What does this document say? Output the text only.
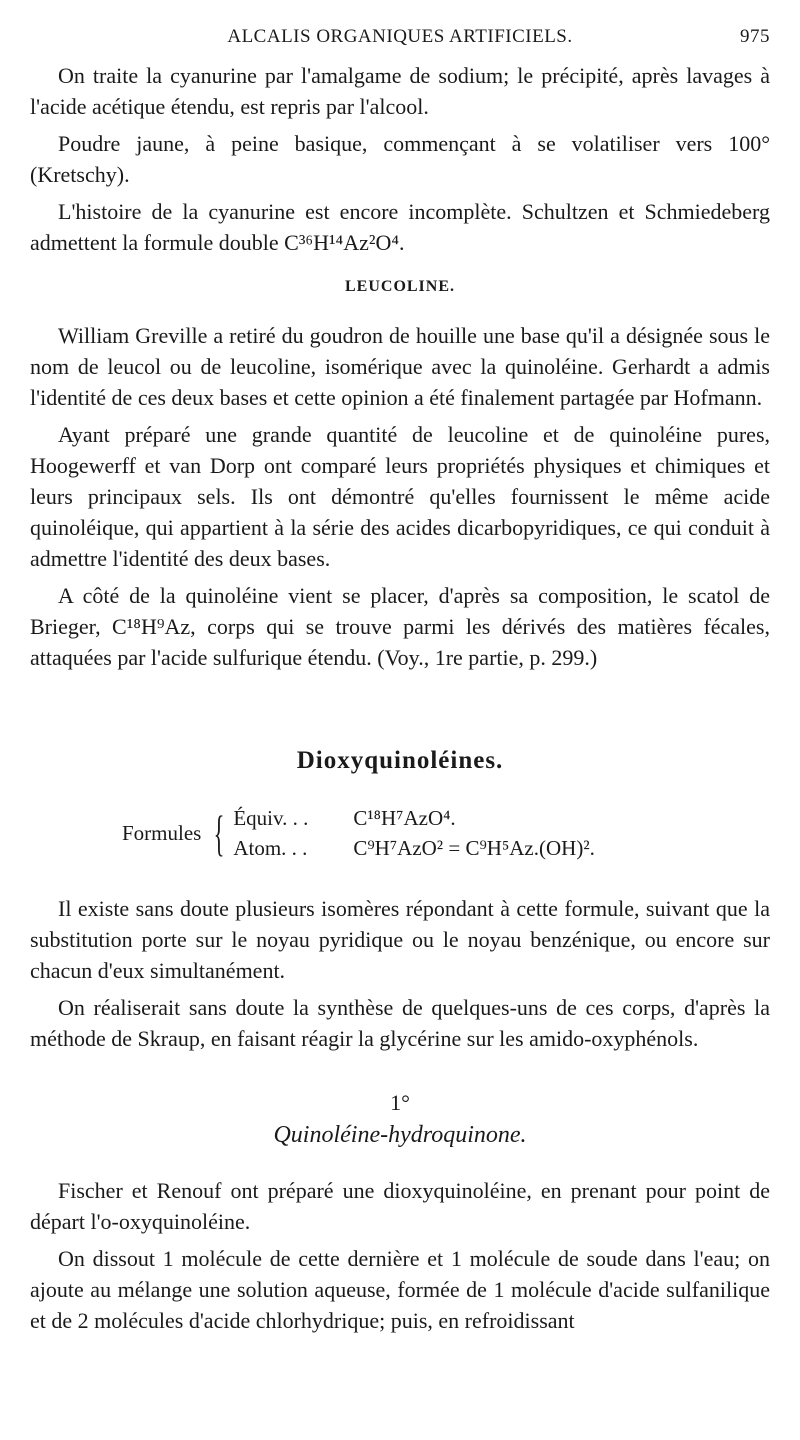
ALCALIS ORGANIQUES ARTIFICIELS.	975

On traite la cyanurine par l'amalgame de sodium; le précipité, après lavages à l'acide acétique étendu, est repris par l'alcool.

Poudre jaune, à peine basique, commençant à se volatiliser vers 100° (Kretschy).

L'histoire de la cyanurine est encore incomplète. Schultzen et Schmiedeberg admettent la formule double C³⁶H¹⁴Az²O⁴.

LEUCOLINE.

William Greville a retiré du goudron de houille une base qu'il a désignée sous le nom de leucol ou de leucoline, isomérique avec la quinoléine. Gerhardt a admis l'identité de ces deux bases et cette opinion a été finalement partagée par Hofmann.

Ayant préparé une grande quantité de leucoline et de quinoléine pures, Hoogewerff et van Dorp ont comparé leurs propriétés physiques et chimiques et leurs principaux sels. Ils ont démontré qu'elles fournissent le même acide quinoléique, qui appartient à la série des acides dicarbopyridiques, ce qui conduit à admettre l'identité des deux bases.

A côté de la quinoléine vient se placer, d'après sa composition, le scatol de Brieger, C¹⁸H⁹Az, corps qui se trouve parmi les dérivés des matières fécales, attaquées par l'acide sulfurique étendu. (Voy., 1re partie, p. 299.)

Dioxyquinoléines.
Formules { Équiv. . .	C¹⁸H⁷AzO⁴.
Atom. . .	C⁹H⁷AzO² = C⁹H⁵Az.(OH)².

Il existe sans doute plusieurs isomères répondant à cette formule, suivant que la substitution porte sur le noyau pyridique ou le noyau benzénique, ou encore sur chacun d'eux simultanément.

On réaliserait sans doute la synthèse de quelques-uns de ces corps, d'après la méthode de Skraup, en faisant réagir la glycérine sur les amido-oxyphénols.

1°
Quinoléine-hydroquinone.

Fischer et Renouf ont préparé une dioxyquinoléine, en prenant pour point de départ l'o-oxyquinoléine.

On dissout 1 molécule de cette dernière et 1 molécule de soude dans l'eau; on ajoute au mélange une solution aqueuse, formée de 1 molécule d'acide sulfanilique et de 2 molécules d'acide chlorhydrique; puis, en refroidissant
